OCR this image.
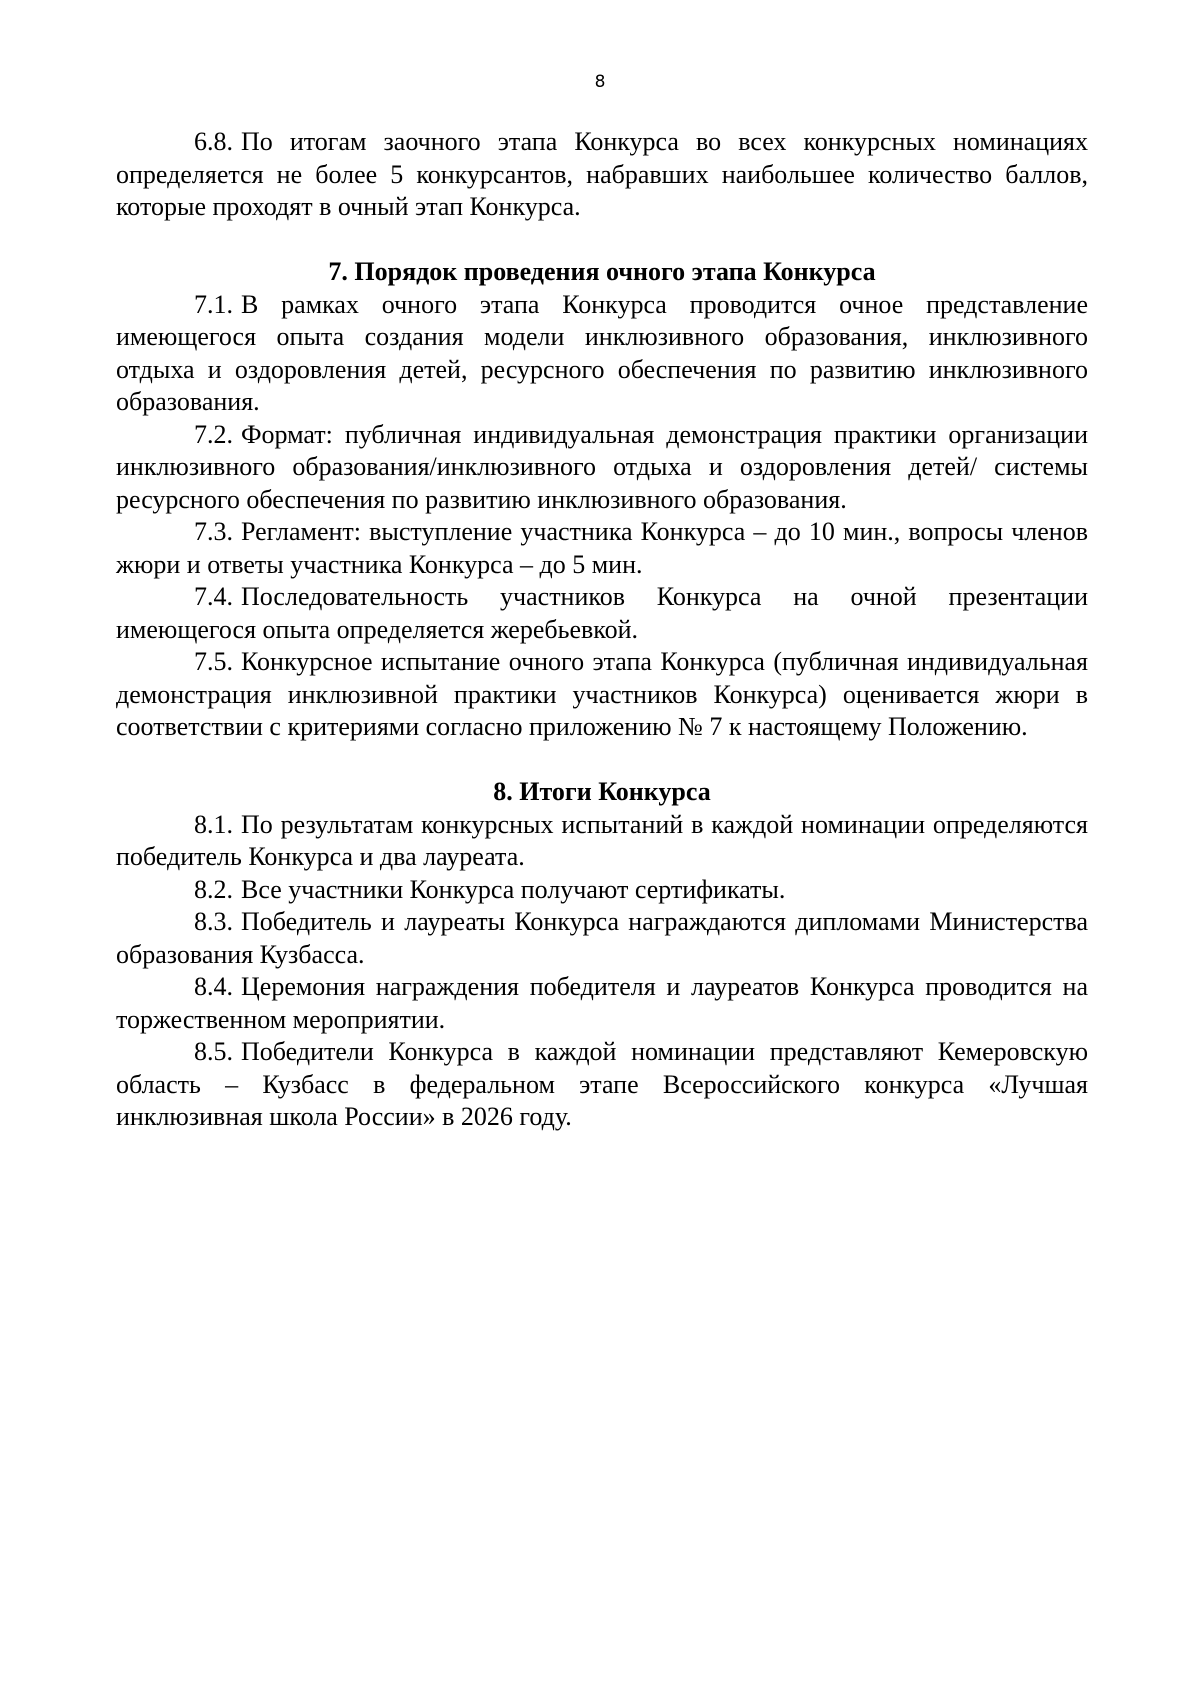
8

6.8. По итогам заочного этапа Конкурса во всех конкурсных номинациях определяется не более 5 конкурсантов, набравших наибольшее количество баллов, которые проходят в очный этап Конкурса.

7. Порядок проведения очного этапа Конкурса

7.1. В рамках очного этапа Конкурса проводится очное представление имеющегося опыта создания модели инклюзивного образования, инклюзивного отдыха и оздоровления детей, ресурсного обеспечения по развитию инклюзивного образования.

7.2. Формат: публичная индивидуальная демонстрация практики организации инклюзивного образования/инклюзивного отдыха и оздоровления детей/ системы ресурсного обеспечения по развитию инклюзивного образования.

7.3. Регламент: выступление участника Конкурса – до 10 мин., вопросы членов жюри и ответы участника Конкурса – до 5 мин.

7.4. Последовательность участников Конкурса на очной презентации имеющегося опыта определяется жеребьевкой.

7.5. Конкурсное испытание очного этапа Конкурса (публичная индивидуальная демонстрация инклюзивной практики участников Конкурса) оценивается жюри в соответствии с критериями согласно приложению № 7 к настоящему Положению.

8. Итоги Конкурса

8.1. По результатам конкурсных испытаний в каждой номинации определяются победитель Конкурса и два лауреата.

8.2. Все участники Конкурса получают сертификаты.

8.3. Победитель и лауреаты Конкурса награждаются дипломами Министерства образования Кузбасса.

8.4. Церемония награждения победителя и лауреатов Конкурса проводится на торжественном мероприятии.

8.5. Победители Конкурса в каждой номинации представляют Кемеровскую область – Кузбасс в федеральном этапе Всероссийского конкурса «Лучшая инклюзивная школа России» в 2026 году.
